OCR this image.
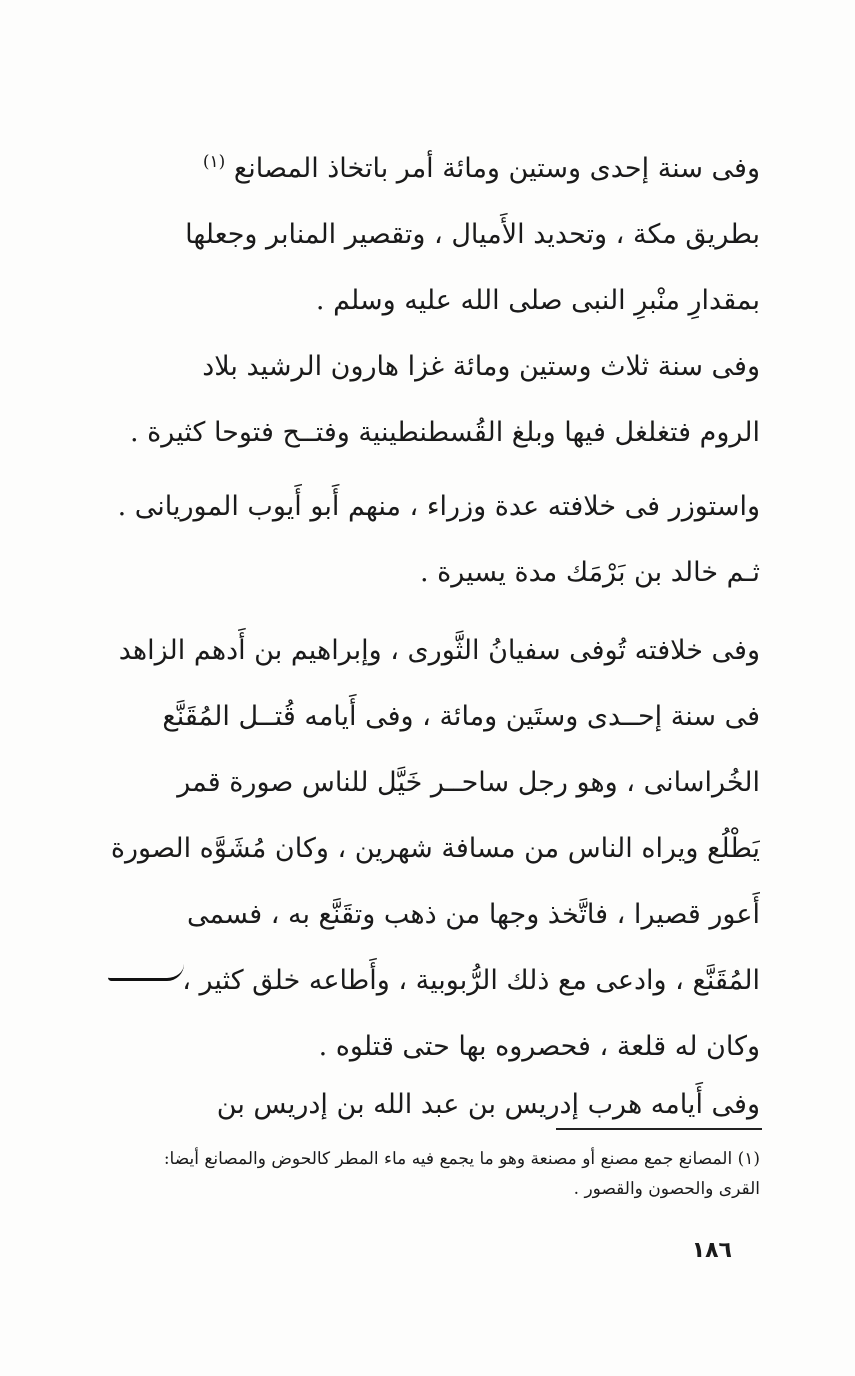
وفى سنة إحدى وستين ومائة أمر باتخاذ المصانع $^{(١)}$
بطريق مكة ، وتحديد الأَميال ، وتقصير المنابر وجعلها
بمقدارِ منْبرِ النبى صلى الله عليه وسلم .

وفى سنة ثلاث وستين ومائة غزا هارون الرشيد بلاد
الروم فتغلغل فيها وبلغ القُسطنطينية وفتــح فتوحا كثيرة .

واستوزر فى خلافته عدة وزراء ، منهم أَبو أَيوب الموريانى .
ثـم خالد بن بَرْمَك مدة يسيرة .

وفى خلافته تُوفى سفيانُ الثَّورى ، وإبراهيم بن أَدهم الزاهد
فى سنة إحــدى وستَين ومائة ، وفى أَيامه قُتــل المُقَنَّع
الخُراسانى ، وهو رجل ساحــر خَيَّل للناس صورة قمر
يَطْلُع ويراه الناس من مسافة شهرين ، وكان مُشَوَّه الصورة
أَعور قصيرا ، فاتَّخذ وجها من ذهب وتقَنَّع به ، فسمى
المُقَنَّع ، وادعى مع ذلك الرُّبوبية ، وأَطاعه خلق كثير ،
وكان له قلعة ، فحصروه بها حتى قتلوه .

وفى أَيامه هرب إدريس بن عبد الله بن إدريس بن

(١) المصانع جمع مصنع أو مصنعة وهو ما يجمع فيه ماء المطر كالحوض والمصانع أيضا:
القرى والحصون والقصور .

١٨٦
